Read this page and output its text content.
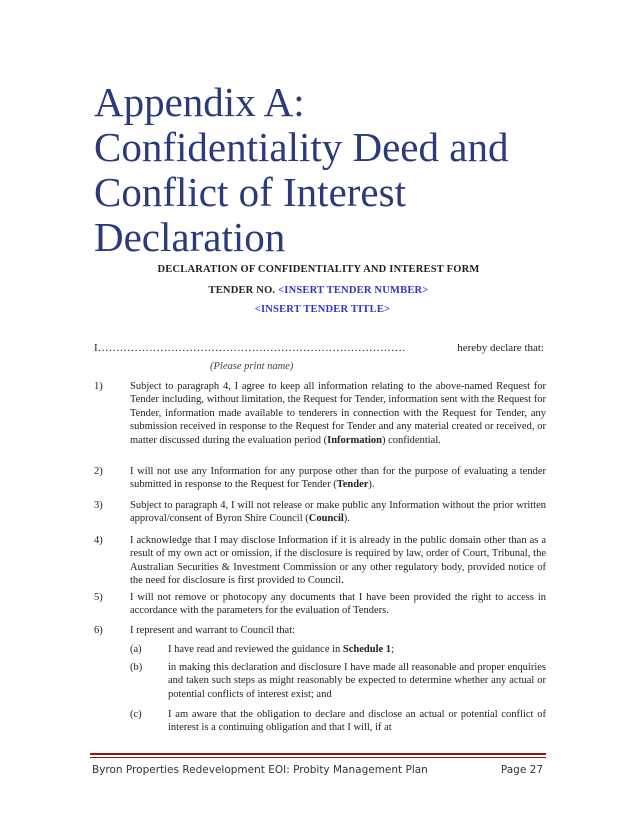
Appendix A:
Confidentiality Deed and
Conflict of Interest
Declaration
DECLARATION OF CONFIDENTIALITY AND INTEREST FORM
TENDER NO. <INSERT TENDER NUMBER>
<INSERT TENDER TITLE>
I…………………………………………………………………………	hereby declare that:
(Please print name)
1)	Subject to paragraph 4, I agree to keep all information relating to the above-named Request for Tender including, without limitation, the Request for Tender, information sent with the Request for Tender, information made available to tenderers in connection with the Request for Tender, any submission received in response to the Request for Tender and any material created or received, or matter discussed during the evaluation period (Information) confidential.
2)	I will not use any Information for any purpose other than for the purpose of evaluating a tender submitted in response to the Request for Tender (Tender).
3)	Subject to paragraph 4, I will not release or make public any Information without the prior written approval/consent of Byron Shire Council (Council).
4)	I acknowledge that I may disclose Information if it is already in the public domain other than as a result of my own act or omission, if the disclosure is required by law, order of Court, Tribunal, the Australian Securities & Investment Commission or any other regulatory body, provided notice of the need for disclosure is first provided to Council.
5)	I will not remove or photocopy any documents that I have been provided the right to access in accordance with the parameters for the evaluation of Tenders.
6)	I represent and warrant to Council that:
(a)	I have read and reviewed the guidance in Schedule 1;
(b) in making this declaration and disclosure I have made all reasonable and proper enquiries and taken such steps as might reasonably be expected to determine whether any actual or potential conflicts of interest exist; and
(c)	I am aware that the obligation to declare and disclose an actual or potential conflict of interest is a continuing obligation and that I will, if at
Byron Properties Redevelopment EOI: Probity Management Plan	Page 27
